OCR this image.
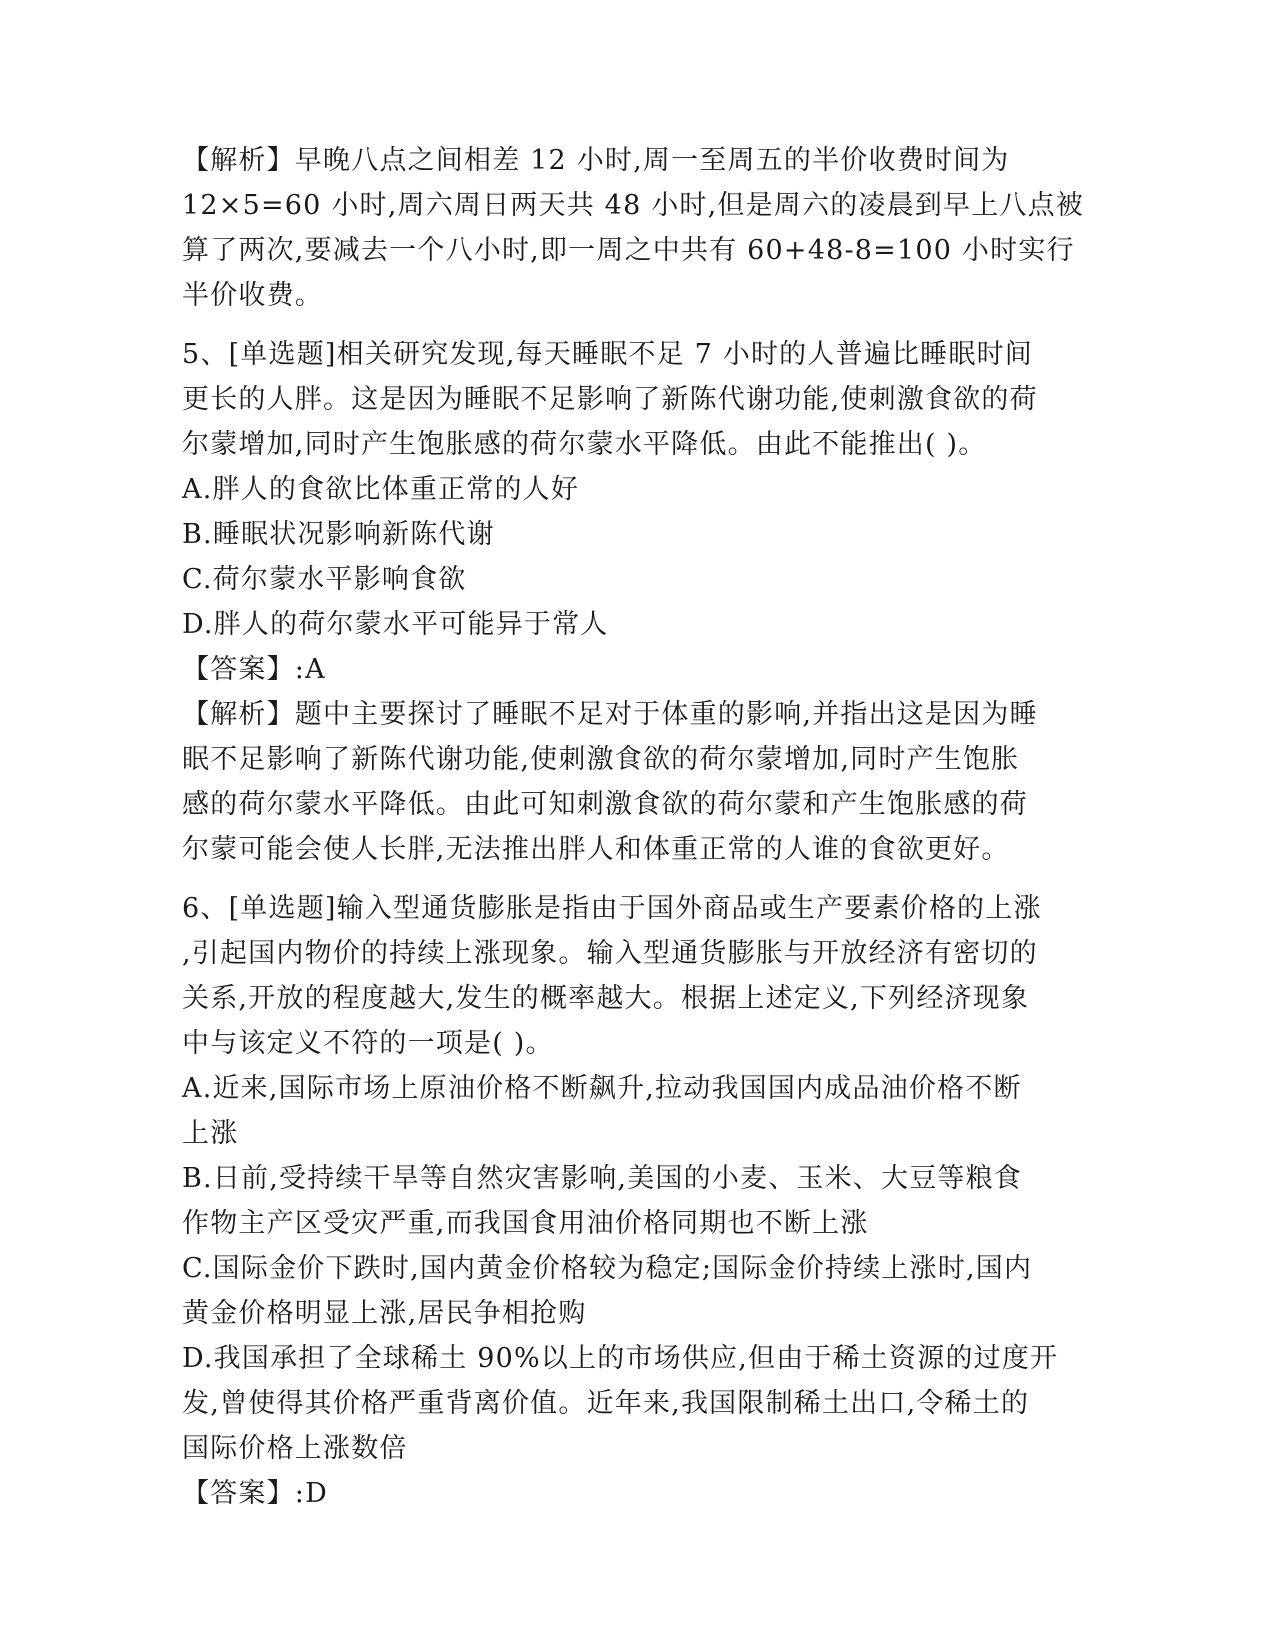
【解析】早晚八点之间相差 12 小时,周一至周五的半价收费时间为
12×5=60 小时,周六周日两天共 48 小时,但是周六的凌晨到早上八点被
算了两次,要减去一个八小时,即一周之中共有 60+48-8=100 小时实行
半价收费。
5、[单选题]相关研究发现,每天睡眠不足 7 小时的人普遍比睡眠时间
更长的人胖。这是因为睡眠不足影响了新陈代谢功能,使刺激食欲的荷
尔蒙增加,同时产生饱胀感的荷尔蒙水平降低。由此不能推出( )。
A.胖人的食欲比体重正常的人好
B.睡眠状况影响新陈代谢
C.荷尔蒙水平影响食欲
D.胖人的荷尔蒙水平可能异于常人
【答案】:A
【解析】题中主要探讨了睡眠不足对于体重的影响,并指出这是因为睡
眠不足影响了新陈代谢功能,使刺激食欲的荷尔蒙增加,同时产生饱胀
感的荷尔蒙水平降低。由此可知刺激食欲的荷尔蒙和产生饱胀感的荷
尔蒙可能会使人长胖,无法推出胖人和体重正常的人谁的食欲更好。
6、[单选题]输入型通货膨胀是指由于国外商品或生产要素价格的上涨
,引起国内物价的持续上涨现象。输入型通货膨胀与开放经济有密切的
关系,开放的程度越大,发生的概率越大。根据上述定义,下列经济现象
中与该定义不符的一项是( )。
A.近来,国际市场上原油价格不断飙升,拉动我国国内成品油价格不断
上涨
B.日前,受持续干旱等自然灾害影响,美国的小麦、玉米、大豆等粮食
作物主产区受灾严重,而我国食用油价格同期也不断上涨
C.国际金价下跌时,国内黄金价格较为稳定;国际金价持续上涨时,国内
黄金价格明显上涨,居民争相抢购
D.我国承担了全球稀土 90%以上的市场供应,但由于稀土资源的过度开
发,曾使得其价格严重背离价值。近年来,我国限制稀土出口,令稀土的
国际价格上涨数倍
【答案】:D
